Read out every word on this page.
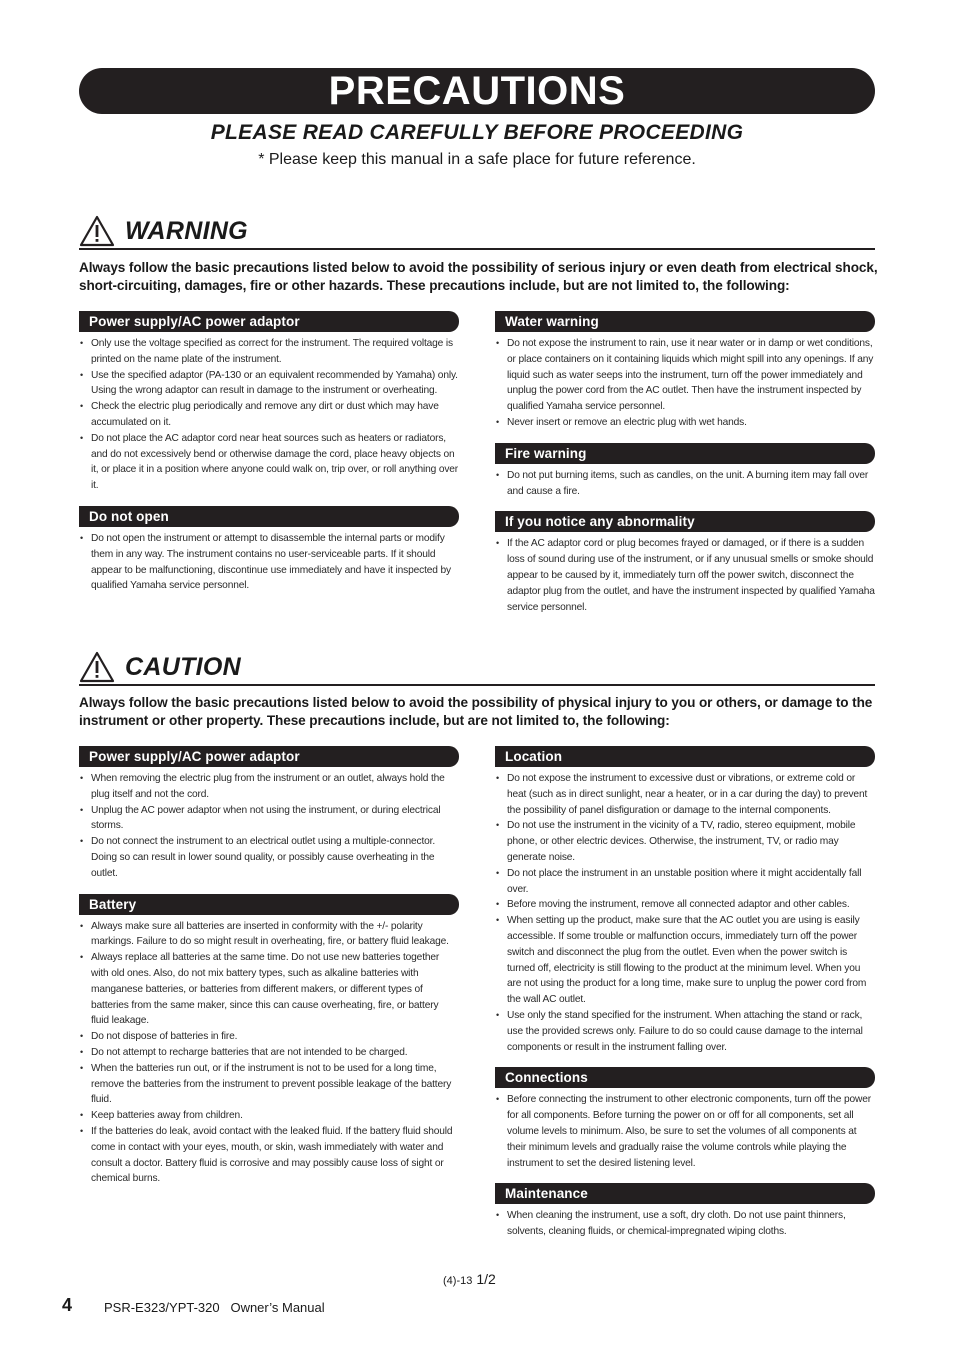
PRECAUTIONS
PLEASE READ CAREFULLY BEFORE PROCEEDING
* Please keep this manual in a safe place for future reference.
WARNING
Always follow the basic precautions listed below to avoid the possibility of serious injury or even death from electrical shock, short-circuiting, damages, fire or other hazards. These precautions include, but are not limited to, the following:
Power supply/AC power adaptor
• Only use the voltage specified as correct for the instrument. The required voltage is printed on the name plate of the instrument.
• Use the specified adaptor (PA-130 or an equivalent recommended by Yamaha) only. Using the wrong adaptor can result in damage to the instrument or overheating.
• Check the electric plug periodically and remove any dirt or dust which may have accumulated on it.
• Do not place the AC adaptor cord near heat sources such as heaters or radiators, and do not excessively bend or otherwise damage the cord, place heavy objects on it, or place it in a position where anyone could walk on, trip over, or roll anything over it.
Do not open
• Do not open the instrument or attempt to disassemble the internal parts or modify them in any way. The instrument contains no user-serviceable parts. If it should appear to be malfunctioning, discontinue use immediately and have it inspected by qualified Yamaha service personnel.
Water warning
• Do not expose the instrument to rain, use it near water or in damp or wet conditions, or place containers on it containing liquids which might spill into any openings. If any liquid such as water seeps into the instrument, turn off the power immediately and unplug the power cord from the AC outlet. Then have the instrument inspected by qualified Yamaha service personnel.
• Never insert or remove an electric plug with wet hands.
Fire warning
• Do not put burning items, such as candles, on the unit. A burning item may fall over and cause a fire.
If you notice any abnormality
• If the AC adaptor cord or plug becomes frayed or damaged, or if there is a sudden loss of sound during use of the instrument, or if any unusual smells or smoke should appear to be caused by it, immediately turn off the power switch, disconnect the adaptor plug from the outlet, and have the instrument inspected by qualified Yamaha service personnel.
CAUTION
Always follow the basic precautions listed below to avoid the possibility of physical injury to you or others, or damage to the instrument or other property. These precautions include, but are not limited to, the following:
Power supply/AC power adaptor
• When removing the electric plug from the instrument or an outlet, always hold the plug itself and not the cord.
• Unplug the AC power adaptor when not using the instrument, or during electrical storms.
• Do not connect the instrument to an electrical outlet using a multiple-connector. Doing so can result in lower sound quality, or possibly cause overheating in the outlet.
Battery
• Always make sure all batteries are inserted in conformity with the +/- polarity markings. Failure to do so might result in overheating, fire, or battery fluid leakage.
• Always replace all batteries at the same time. Do not use new batteries together with old ones. Also, do not mix battery types, such as alkaline batteries with manganese batteries, or batteries from different makers, or different types of batteries from the same maker, since this can cause overheating, fire, or battery fluid leakage.
• Do not dispose of batteries in fire.
• Do not attempt to recharge batteries that are not intended to be charged.
• When the batteries run out, or if the instrument is not to be used for a long time, remove the batteries from the instrument to prevent possible leakage of the battery fluid.
• Keep batteries away from children.
• If the batteries do leak, avoid contact with the leaked fluid. If the battery fluid should come in contact with your eyes, mouth, or skin, wash immediately with water and consult a doctor. Battery fluid is corrosive and may possibly cause loss of sight or chemical burns.
Location
• Do not expose the instrument to excessive dust or vibrations, or extreme cold or heat (such as in direct sunlight, near a heater, or in a car during the day) to prevent the possibility of panel disfiguration or damage to the internal components.
• Do not use the instrument in the vicinity of a TV, radio, stereo equipment, mobile phone, or other electric devices. Otherwise, the instrument, TV, or radio may generate noise.
• Do not place the instrument in an unstable position where it might accidentally fall over.
• Before moving the instrument, remove all connected adaptor and other cables.
• When setting up the product, make sure that the AC outlet you are using is easily accessible. If some trouble or malfunction occurs, immediately turn off the power switch and disconnect the plug from the outlet. Even when the power switch is turned off, electricity is still flowing to the product at the minimum level. When you are not using the product for a long time, make sure to unplug the power cord from the wall AC outlet.
• Use only the stand specified for the instrument. When attaching the stand or rack, use the provided screws only. Failure to do so could cause damage to the internal components or result in the instrument falling over.
Connections
• Before connecting the instrument to other electronic components, turn off the power for all components. Before turning the power on or off for all components, set all volume levels to minimum. Also, be sure to set the volumes of all components at their minimum levels and gradually raise the volume controls while playing the instrument to set the desired listening level.
Maintenance
• When cleaning the instrument, use a soft, dry cloth. Do not use paint thinners, solvents, cleaning fluids, or chemical-impregnated wiping cloths.
(4)-13 1/2
4 PSR-E323/YPT-320   Owner’s Manual
